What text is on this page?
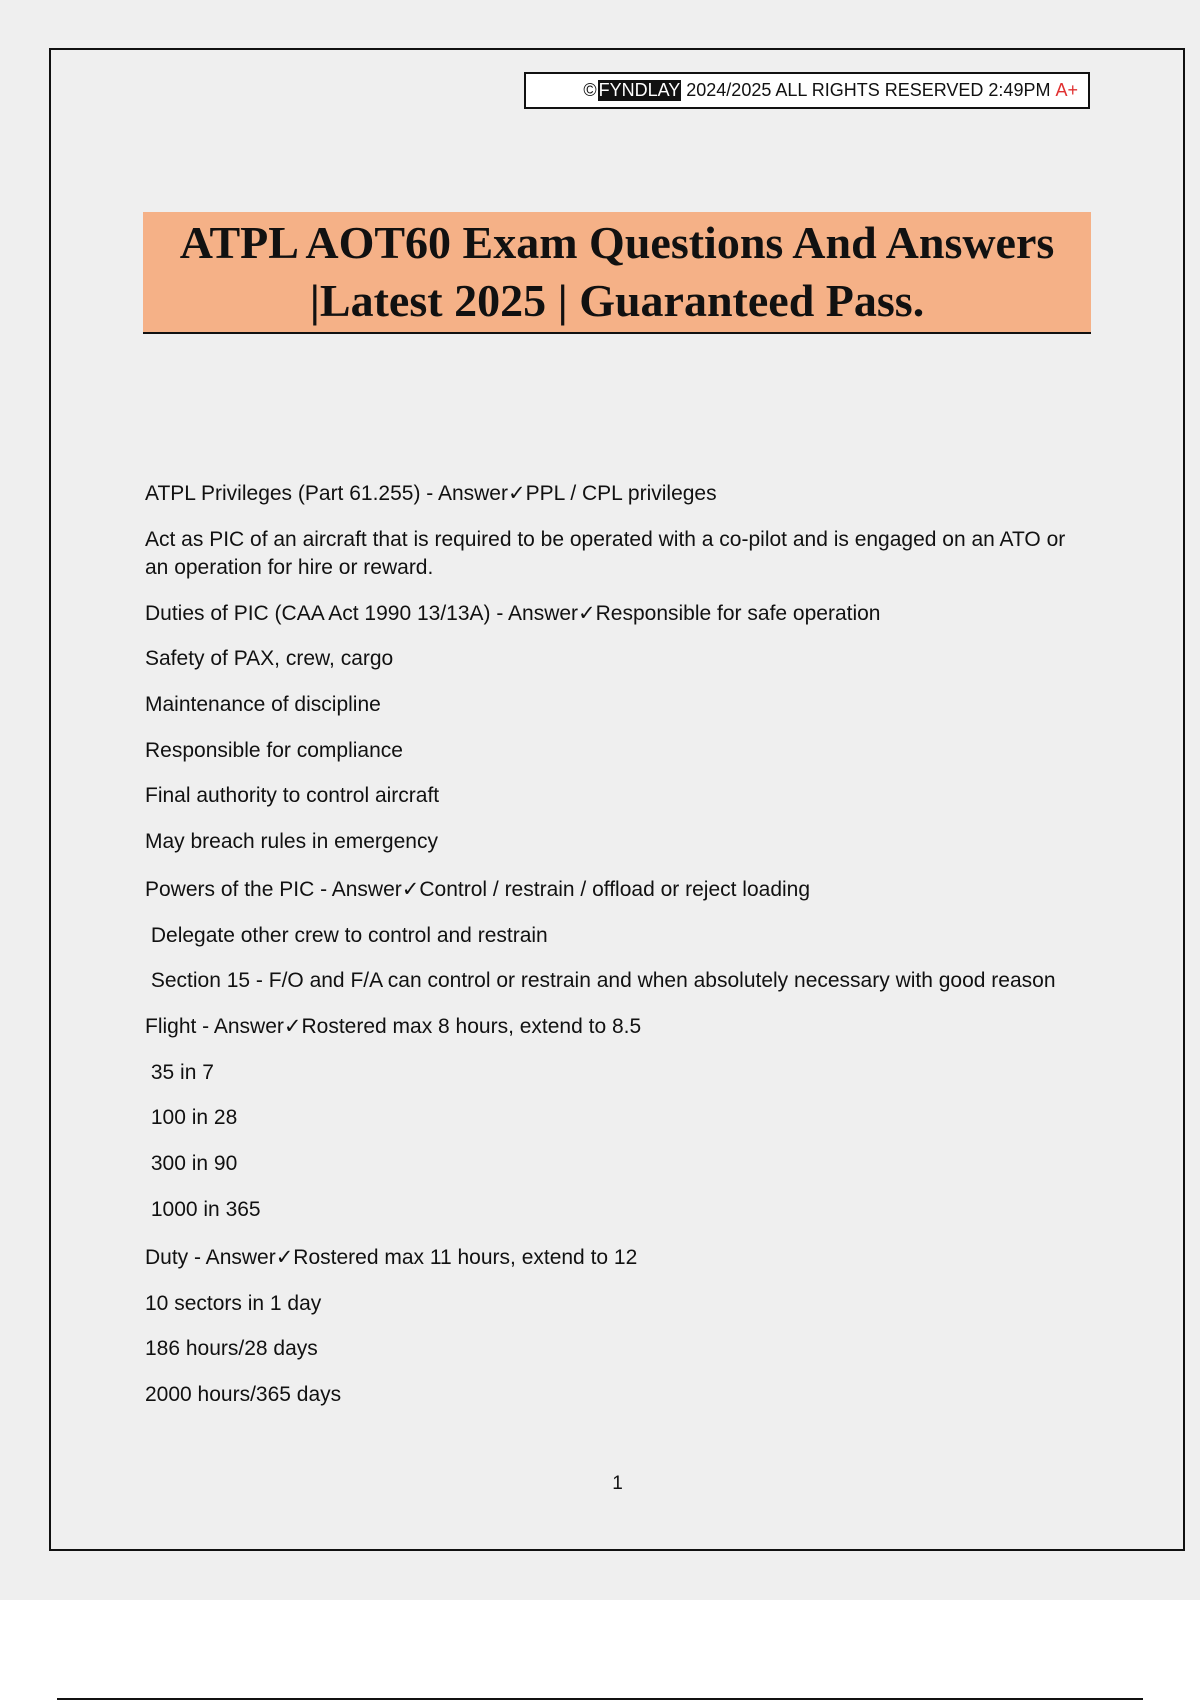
© FYNDLAY 2024/2025 ALL RIGHTS RESERVED 2:49PM A+
ATPL AOT60 Exam Questions And Answers
|Latest 2025 | Guaranteed Pass.

ATPL Privileges (Part 61.255) - Answer✓PPL / CPL privileges

Act as PIC of an aircraft that is required to be operated with a co-pilot and is engaged on an ATO or an operation for hire or reward.

Duties of PIC (CAA Act 1990 13/13A) - Answer✓Responsible for safe operation

Safety of PAX, crew, cargo

Maintenance of discipline

Responsible for compliance

Final authority to control aircraft

May breach rules in emergency

Powers of the PIC - Answer✓Control / restrain / offload or reject loading

Delegate other crew to control and restrain

Section 15 - F/O and F/A can control or restrain and when absolutely necessary with good reason

Flight - Answer✓Rostered max 8 hours, extend to 8.5

35 in 7

100 in 28

300 in 90

1000 in 365

Duty - Answer✓Rostered max 11 hours, extend to 12

10 sectors in 1 day

186 hours/28 days

2000 hours/365 days

1
